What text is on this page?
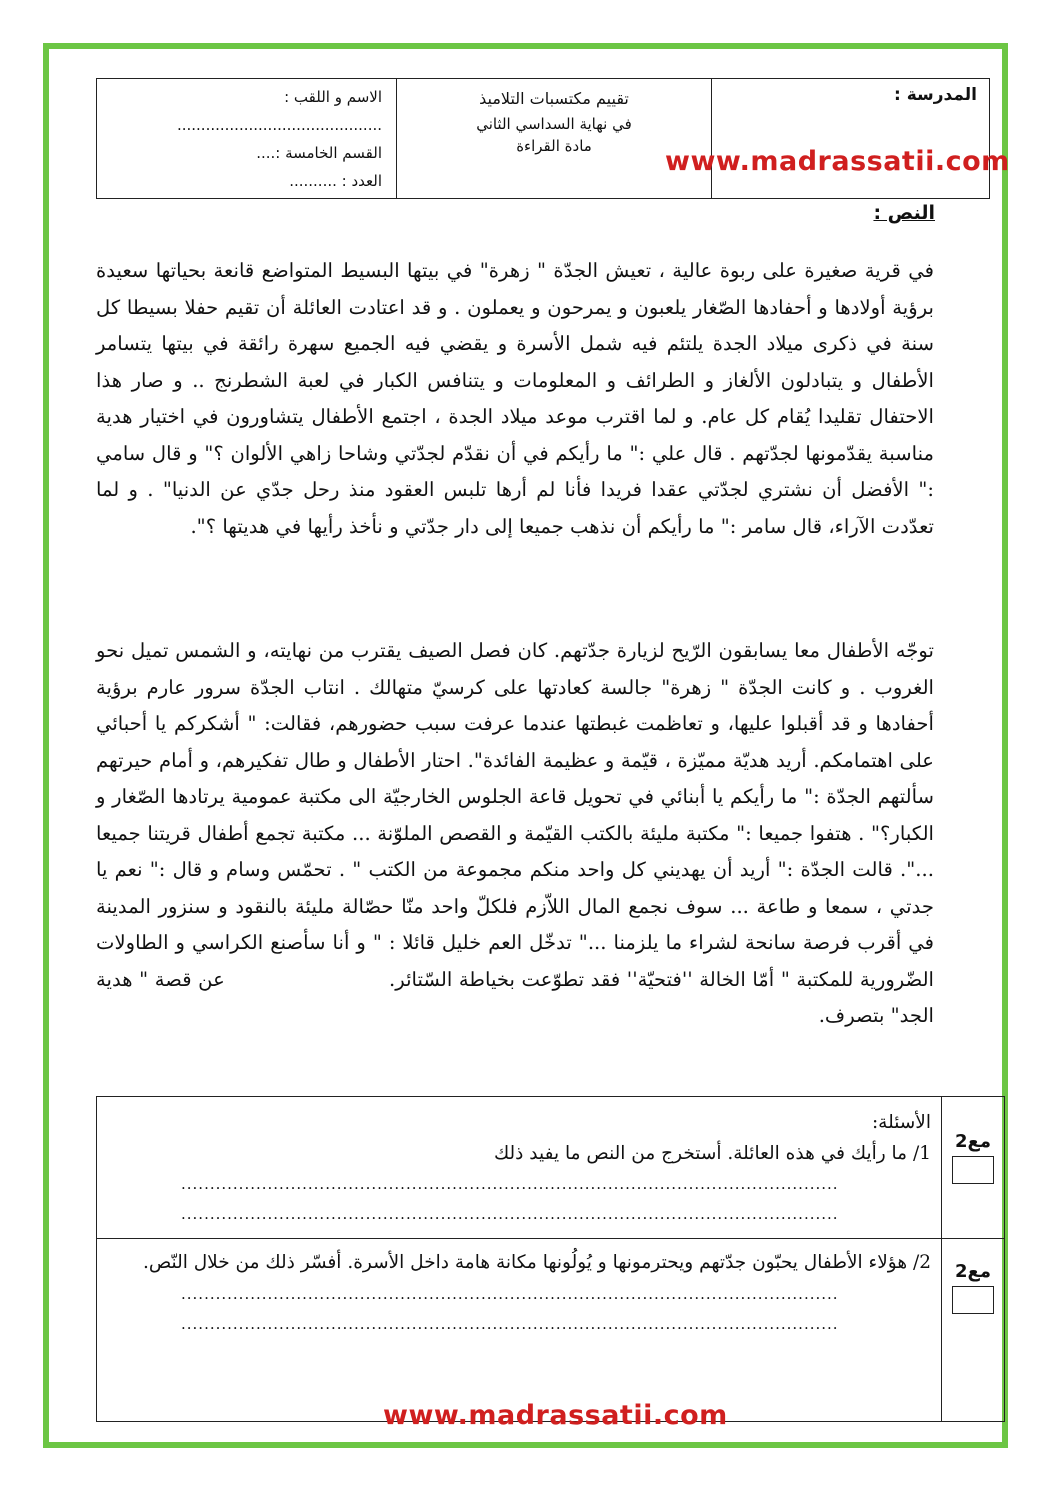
المدرسة :
تقييم مكتسبات التلاميذ
في نهاية السداسي الثاني
مادة القراءة
الاسم و اللقب :
...........................................
القسم الخامسة :....
العدد : ..........
www.madrassatii.com
النص :

في قرية صغيرة على ربوة عالية ، تعيش الجدّة " زهرة" في بيتها البسيط المتواضع قانعة بحياتها سعيدة برؤية أولادها و أحفادها الصّغار يلعبون و يمرحون و يعملون . و قد اعتادت العائلة أن تقيم حفلا بسيطا كل سنة في ذكرى ميلاد الجدة يلتئم فيه شمل الأسرة و يقضي فيه الجميع سهرة رائقة في بيتها يتسامر الأطفال و يتبادلون الألغاز و الطرائف و المعلومات و يتنافس الكبار في لعبة الشطرنج .. و صار هذا الاحتفال تقليدا يُقام كل عام. و لما اقترب موعد ميلاد الجدة ، اجتمع الأطفال يتشاورون في اختيار هدية مناسبة يقدّمونها لجدّتهم . قال علي :" ما رأيكم في أن نقدّم لجدّتي وشاحا زاهي الألوان ؟" و قال سامي :" الأفضل أن نشتري لجدّتي عقدا فريدا فأنا لم أرها تلبس العقود منذ رحل جدّي عن الدنيا" . و لما تعدّدت الآراء، قال سامر :" ما رأيكم أن نذهب جميعا إلى دار جدّتي و نأخذ رأيها في هديتها ؟".

توجّه الأطفال معا يسابقون الرّيح لزيارة جدّتهم. كان فصل الصيف يقترب من نهايته، و الشمس تميل نحو الغروب . و كانت الجدّة " زهرة" جالسة كعادتها على كرسيّ متهالك . انتاب الجدّة سرور عارم برؤية أحفادها و قد أقبلوا عليها، و تعاظمت غبطتها عندما عرفت سبب حضورهم، فقالت: " أشكركم يا أحبائي على اهتمامكم. أريد هديّة مميّزة ، قيّمة و عظيمة الفائدة". احتار الأطفال و طال تفكيرهم، و أمام حيرتهم سألتهم الجدّة :" ما رأيكم يا أبنائي في تحويل قاعة الجلوس الخارجيّة الى مكتبة عمومية يرتادها الصّغار و الكبار؟" . هتفوا جميعا :" مكتبة مليئة بالكتب القيّمة و القصص الملوّنة ... مكتبة تجمع أطفال قريتنا جميعا ...". قالت الجدّة :" أريد أن يهديني كل واحد منكم مجموعة من الكتب " . تحمّس وسام و قال :" نعم يا جدتي ، سمعا و طاعة ... سوف نجمع المال اللاّزم فلكلّ واحد منّا حصّالة مليئة بالنقود و سنزور المدينة في أقرب فرصة سانحة لشراء ما يلزمنا ..." تدخّل العم خليل قائلا : " و أنا سأصنع الكراسي و الطاولات الضّرورية للمكتبة " أمّا الخالة ''فتحيّة'' فقد تطوّعت بخياطة السّتائر.                         عن قصة " هدية الجد" بتصرف.

مع2
الأسئلة:
1/ ما رأيك في هذه العائلة. أستخرج من النص ما يفيد ذلك
..................................................................................................................
..................................................................................................................
مع2
2/ هؤلاء الأطفال يحبّون جدّتهم ويحترمونها و يُولُونها مكانة هامة داخل الأسرة. أفسّر ذلك من خلال النّص.
..................................................................................................................
..................................................................................................................
www.madrassatii.com
